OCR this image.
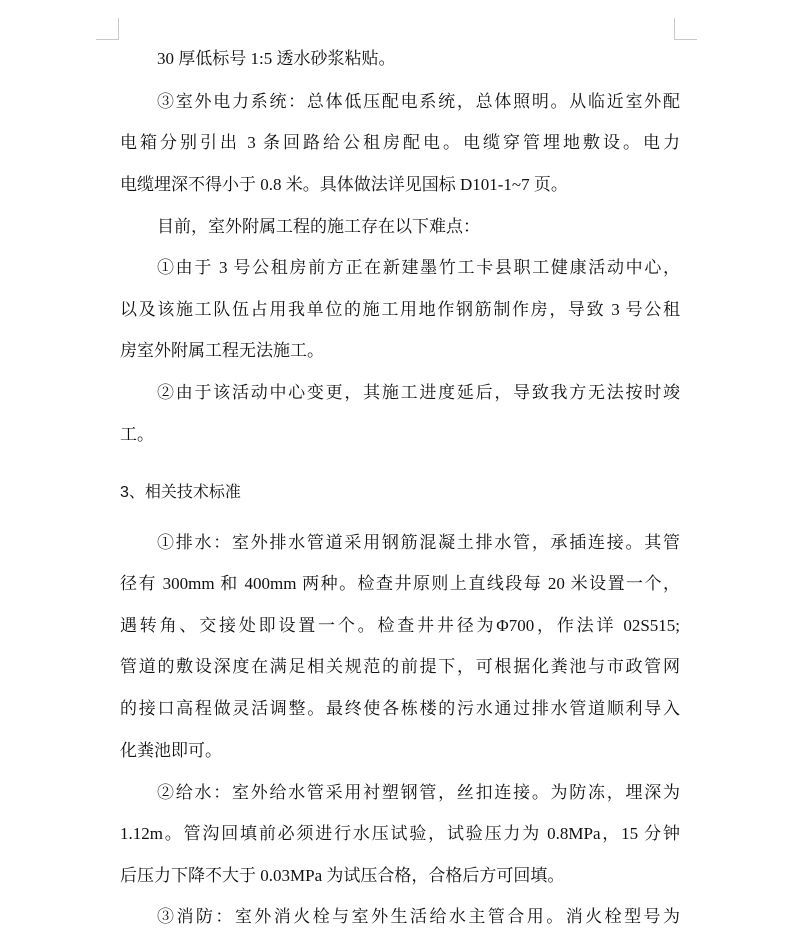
30 厚低标号 1:5 透水砂浆粘贴。
③室外电力系统：总体低压配电系统，总体照明。从临近室外配
电箱分别引出 3 条回路给公租房配电。电缆穿管埋地敷设。电力
电缆埋深不得小于 0.8 米。具体做法详见国标 D101-1~7 页。
目前，室外附属工程的施工存在以下难点：
①由于 3 号公租房前方正在新建墨竹工卡县职工健康活动中心，
以及该施工队伍占用我单位的施工用地作钢筋制作房，导致 3 号公租
房室外附属工程无法施工。
②由于该活动中心变更，其施工进度延后，导致我方无法按时竣
工。
3、相关技术标准
①排水：室外排水管道采用钢筋混凝土排水管，承插连接。其管
径有 300mm 和 400mm 两种。检查井原则上直线段每 20 米设置一个，
遇转角、交接处即设置一个。检查井井径为Φ700，作法详 02S515;
管道的敷设深度在满足相关规范的前提下，可根据化粪池与市政管网
的接口高程做灵活调整。最终使各栋楼的污水通过排水管道顺利导入
化粪池即可。
②给水：室外给水管采用衬塑钢管，丝扣连接。为防冻，埋深为
1.12m。管沟回填前必须进行水压试验，试验压力为 0.8MPa，15 分钟
后压力下降不大于 0.03MPa 为试压合格，合格后方可回填。
③消防：室外消火栓与室外生活给水主管合用。消火栓型号为
